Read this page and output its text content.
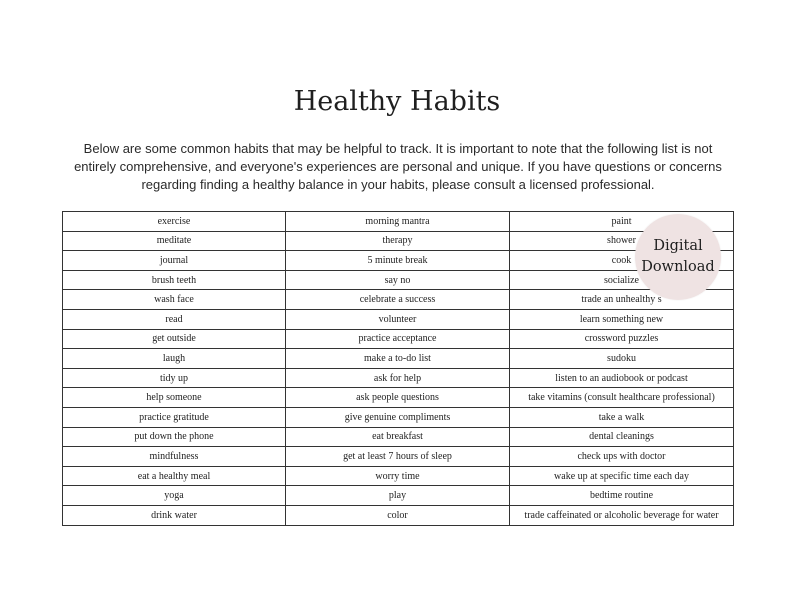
Healthy Habits
Below are some common habits that may be helpful to track. It is important to note that the following list is not entirely comprehensive, and everyone's experiences are personal and unique. If you have questions or concerns regarding finding a healthy balance in your habits, please consult a licensed professional.
exercise	morning mantra	paint
meditate	therapy	shower
journal	5 minute break	cook
brush teeth	say no	socialize
wash face	celebrate a success	trade an unhealthy s
read	volunteer	learn something new
get outside	practice acceptance	crossword puzzles
laugh	make a to-do list	sudoku
tidy up	ask for help	listen to an audiobook or podcast
help someone	ask people questions	take vitamins (consult healthcare professional)
practice gratitude	give genuine compliments	take a walk
put down the phone	eat breakfast	dental cleanings
mindfulness	get at least 7 hours of sleep	check ups with doctor
eat a healthy meal	worry time	wake up at specific time each day
yoga	play	bedtime routine
drink water	color	trade caffeinated or alcoholic beverage for water
Digital
Download
